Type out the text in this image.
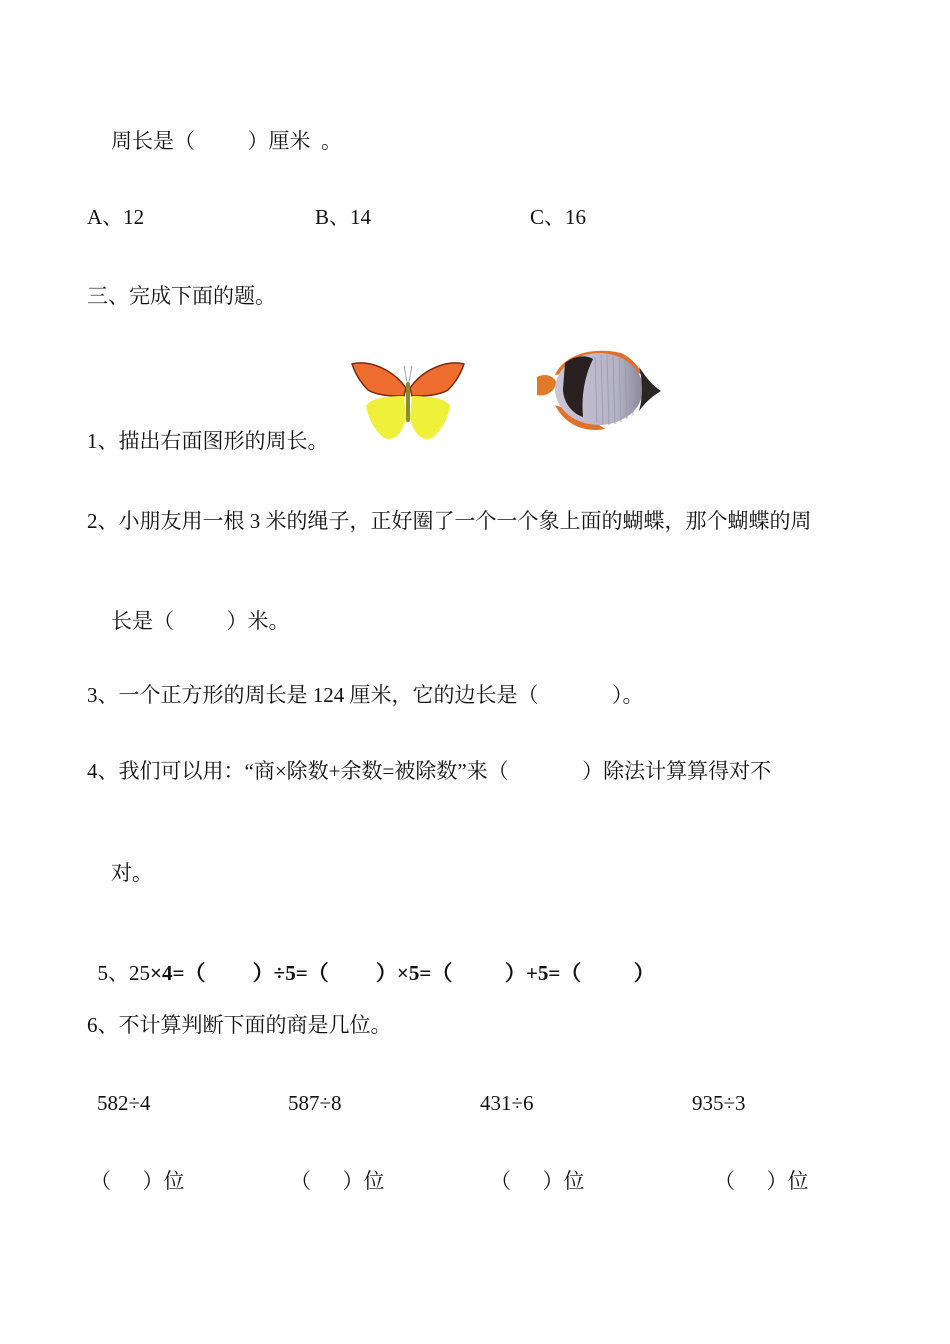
周长是（          ）厘米  。
A、12	B、14	C、16
三、完成下面的题。
1、描出右面图形的周长。
2、小朋友用一根 3 米的绳子，正好圈了一个一个象上面的蝴蝶，那个蝴蝶的周
长是（          ）米。
3、一个正方形的周长是 124 厘米，它的边长是（              ）。
4、我们可以用：“商×除数+余数=被除数”来（              ）除法计算算得对不
对。

5、25×4=（         ）÷5=（         ）×5=（          ）+5=（          ）

6、不计算判断下面的商是几位。
582÷4	587÷8	431÷6	935÷3
（      ）位	（      ）位	（      ）位	（      ）位
